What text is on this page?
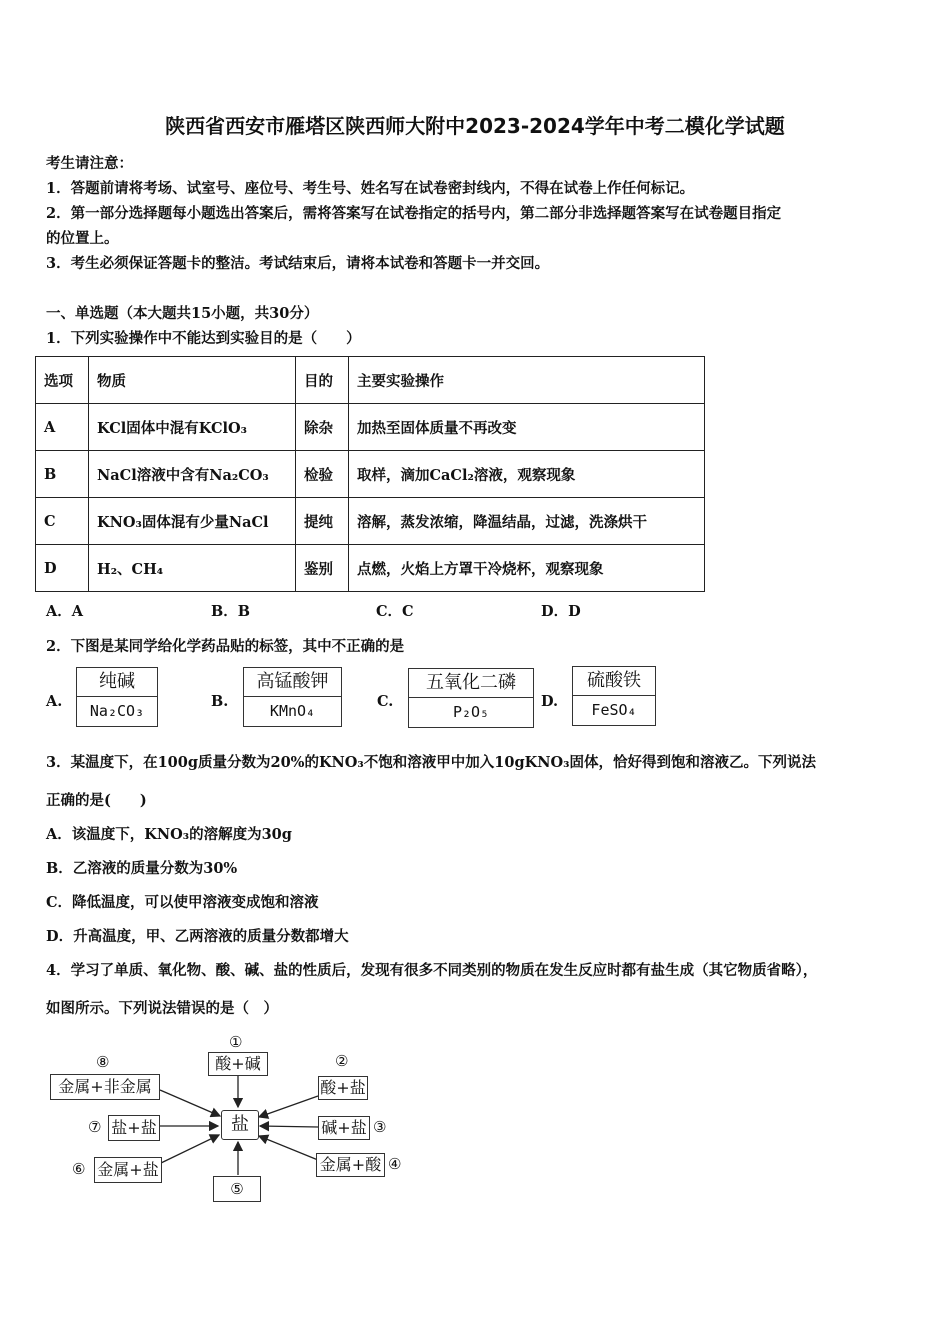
陕西省西安市雁塔区陕西师大附中2023-2024学年中考二模化学试题
考生请注意：
1．答题前请将考场、试室号、座位号、考生号、姓名写在试卷密封线内，不得在试卷上作任何标记。
2．第一部分选择题每小题选出答案后，需将答案写在试卷指定的括号内，第二部分非选择题答案写在试卷题目指定
的位置上。
3．考生必须保证答题卡的整洁。考试结束后，请将本试卷和答题卡一并交回。
一、单选题（本大题共15小题，共30分）
1．下列实验操作中不能达到实验目的是（　　）
选项	物质	目的	主要实验操作
A	KCl固体中混有KClO₃	除杂	加热至固体质量不再改变
B	NaCl溶液中含有Na₂CO₃	检验	取样，滴加CaCl₂溶液，观察现象
C	KNO₃固体混有少量NaCl	提纯	溶解，蒸发浓缩，降温结晶，过滤，洗涤烘干
D	H₂、CH₄	鉴别	点燃，火焰上方罩干冷烧杯，观察现象
A．A	B．B	C．C	D．D
2．下图是某同学给化学药品贴的标签，其中不正确的是
A.
纯碱
Na₂CO₃
B.
高锰酸钾
KMnO₄
C.
五氧化二磷
P₂O₅
D.
硫酸铁
FeSO₄
3．某温度下，在100g质量分数为20%的KNO₃不饱和溶液甲中加入10gKNO₃固体，恰好得到饱和溶液乙。下列说法
正确的是(　　)
A．该温度下，KNO₃的溶解度为30g
B．乙溶液的质量分数为30%
C．降低温度，可以使甲溶液变成饱和溶液
D．升高温度，甲、乙两溶液的质量分数都增大
4．学习了单质、氧化物、酸、碱、盐的性质后，发现有很多不同类别的物质在发生反应时都有盐生成（其它物质省略），
如图所示。下列说法错误的是（　）
盐
①
酸+碱	②
酸+盐
碱+盐 ③
金属+酸 ④
⑤
⑥ 金属+盐
⑦ 盐+盐
⑧
金属+非金属
